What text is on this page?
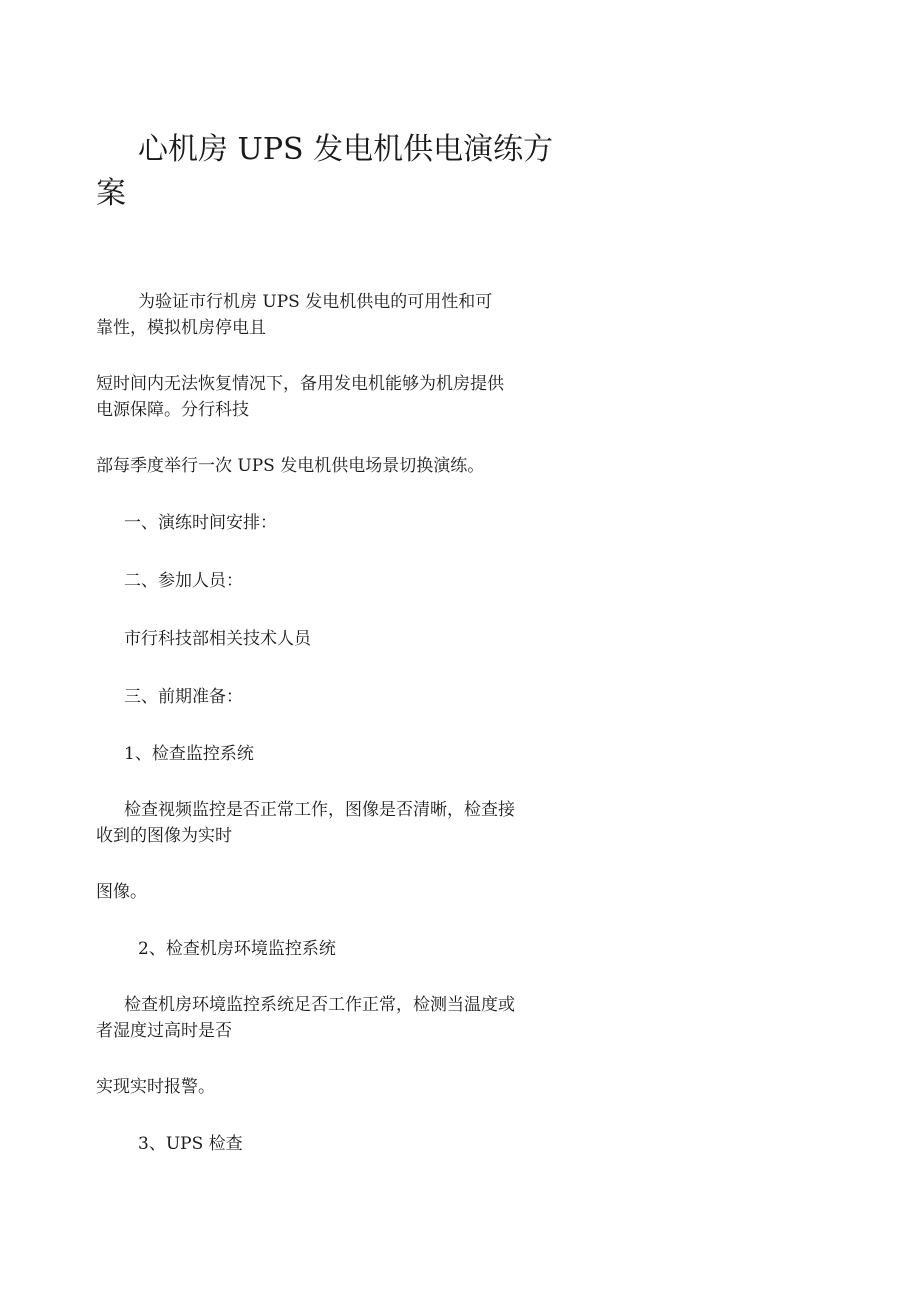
心机房 UPS 发电机供电演练方案

为验证市行机房 UPS 发电机供电的可用性和可

靠性，模拟机房停电且

短时间内无法恢复情况下，备用发电机能够为机房提供

电源保障。分行科技

部每季度举行一次 UPS 发电机供电场景切换演练。

一、演练时间安排：

二、参加人员：

市行科技部相关技术人员

三、前期准备：

1、检查监控系统

检查视频监控是否正常工作，图像是否清晰，检查接

收到的图像为实时

图像。

2、检查机房环境监控系统

检查机房环境监控系统足否工作正常，检测当温度或

者湿度过高时是否

实现实时报警。

3、UPS 检查
